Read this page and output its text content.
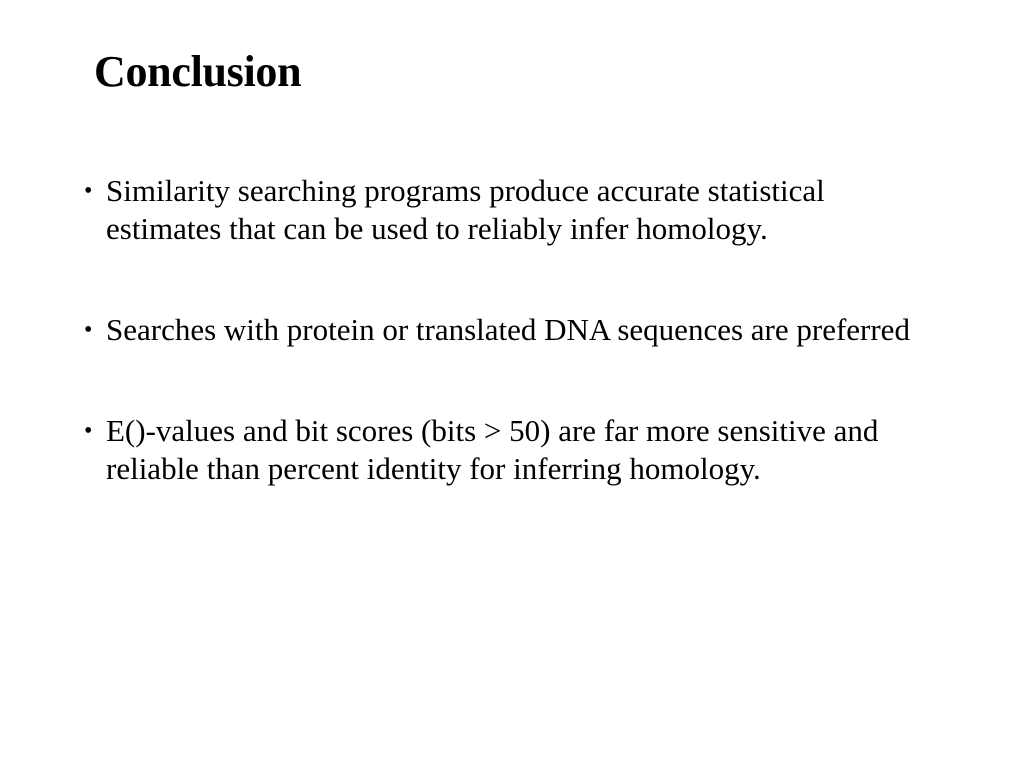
Conclusion
• Similarity searching programs produce accurate statistical estimates that can be used to reliably infer homology.
• Searches with protein or translated DNA sequences are preferred
• E()-values and bit scores (bits > 50) are far more sensitive and reliable than percent identity for inferring homology.
